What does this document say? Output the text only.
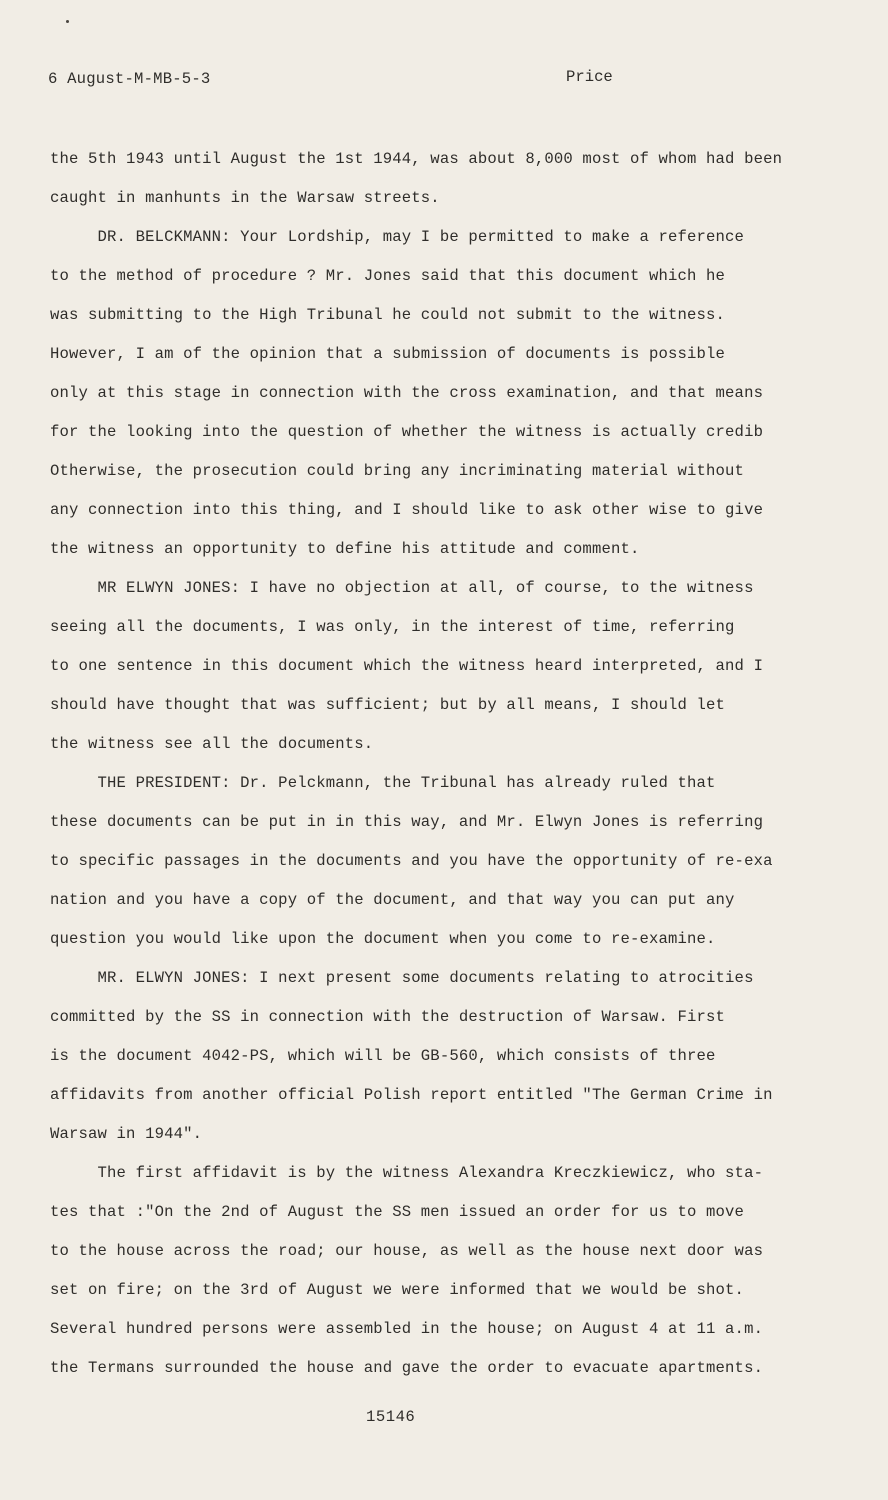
6 August-M-MB-5-3	Price
the 5th 1943 until August the 1st 1944, was about 8,000 most of whom had been
caught in manhunts in the Warsaw streets.
DR. BELCKMANN: Your Lordship, may I be permitted to make a reference
to the method of procedure ? Mr. Jones said that this document which he
was submitting to the High Tribunal he could not submit to the witness.
However, I am of the opinion that a submission of documents is possible
only at this stage in connection with the cross examination, and that means
for the looking into the question of whether the witness is actually credib
Otherwise, the prosecution could bring any incriminating material without
any connection into this thing, and I should like to ask other wise to give
the witness an opportunity to define his attitude and comment.
MR ELWYN JONES: I have no objection at all, of course, to the witness
seeing all the documents, I was only, in the interest of time, referring
to one sentence in this document which the witness heard interpreted, and I
should have thought that was sufficient; but by all means, I should let
the witness see all the documents.
THE PRESIDENT: Dr. Pelckmann, the Tribunal has already ruled that
these documents can be put in in this way, and Mr. Elwyn Jones is referring
to specific passages in the documents and you have the opportunity of re-exa
nation and you have a copy of the document, and that way you can put any
question you would like upon the document when you come to re-examine.
MR. ELWYN JONES: I next present some documents relating to atrocities
committed by the SS in connection with the destruction of Warsaw. First
is the document 4042-PS, which will be GB-560, which consists of three
affidavits from another official Polish report entitled "The German Crime in
Warsaw in 1944".
The first affidavit is by the witness Alexandra Kreczkiewicz, who sta-
tes that :"On the 2nd of August the SS men issued an order for us to move
to the house across the road; our house, as well as the house next door was
set on fire; on the 3rd of August we were informed that we would be shot.
Several hundred persons were assembled in the house; on August 4 at 11 a.m.
the Termans surrounded the house and gave the order to evacuate apartments.
15146
